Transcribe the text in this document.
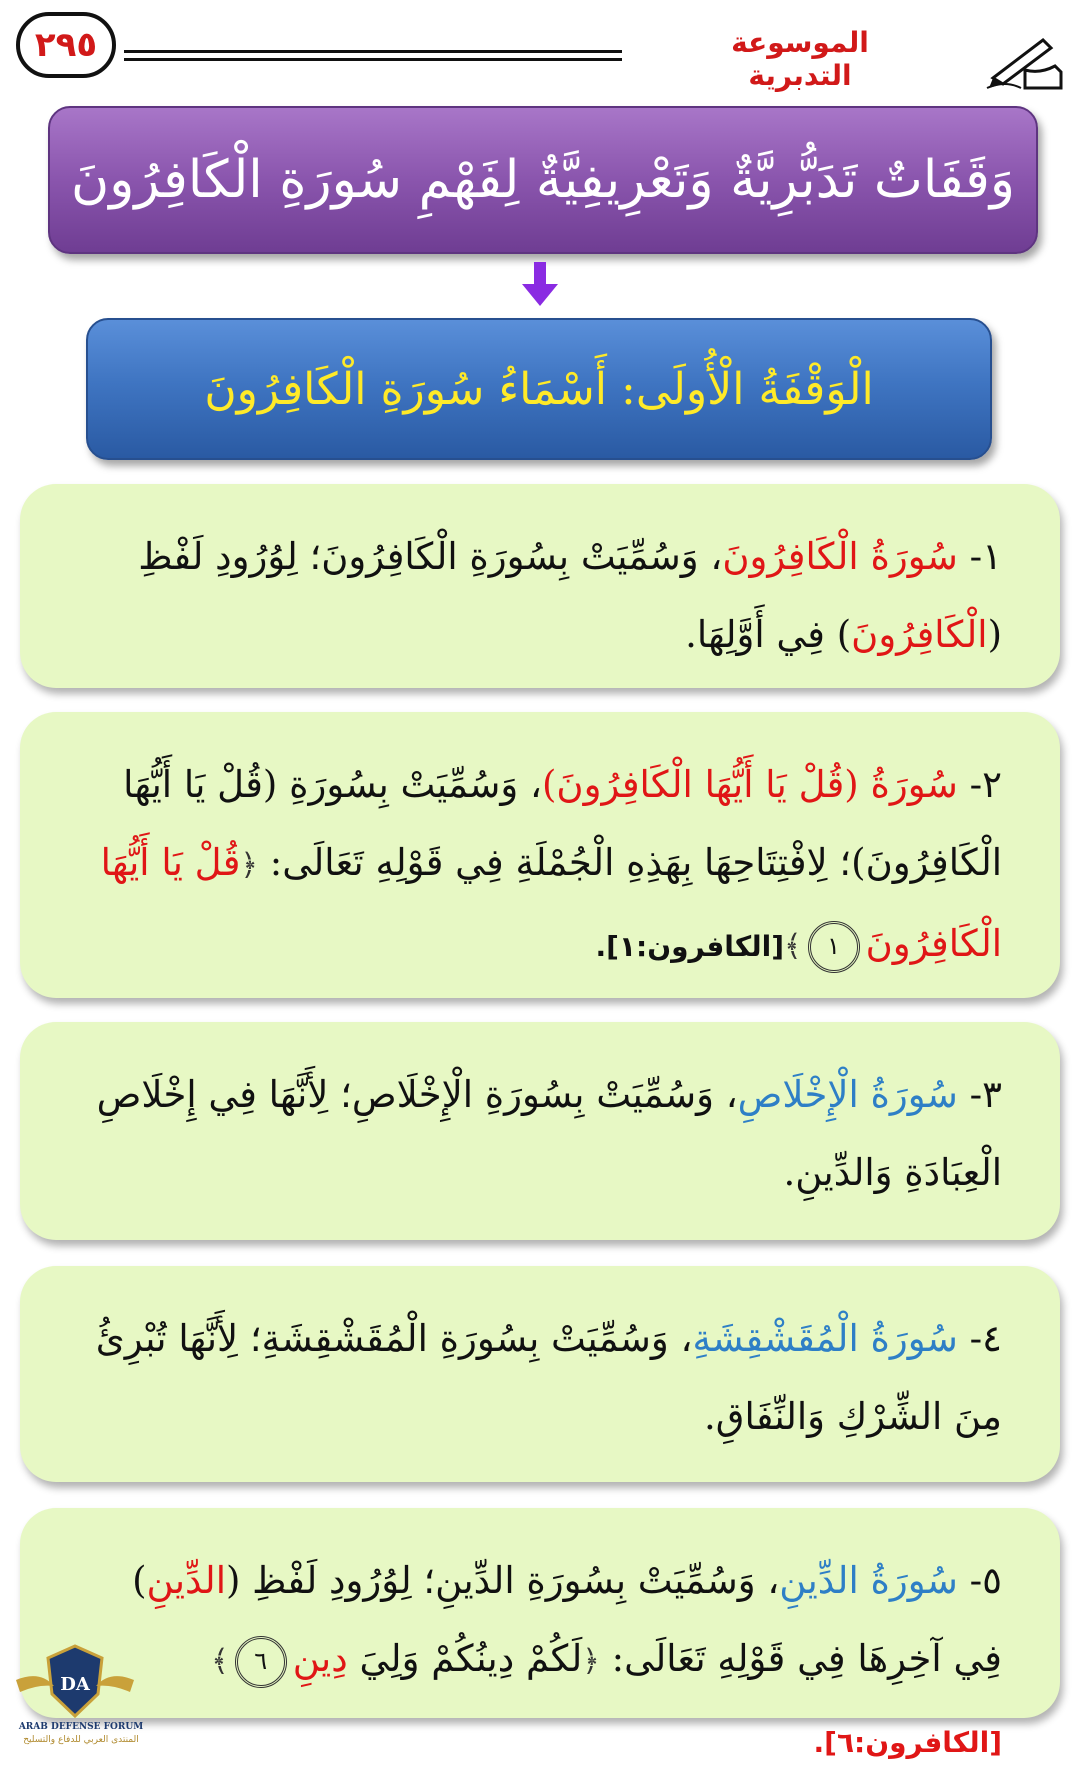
٢٩٥	الموسوعة التدبرية
وَقَفَاتٌ تَدَبُّرِيَّةٌ وَتَعْرِيفِيَّةٌ لِفَهْمِ سُورَةِ الْكَافِرُونَ
الْوَقْفَةُ الْأُولَى: أَسْمَاءُ سُورَةِ الْكَافِرُونَ
١- سُورَةُ الْكَافِرُونَ، وَسُمِّيَتْ بِسُورَةِ الْكَافِرُونَ؛ لِوُرُودِ لَفْظِ (الْكَافِرُونَ) فِي أَوَّلِهَا.
٢- سُورَةُ (قُلْ يَا أَيُّهَا الْكَافِرُونَ)، وَسُمِّيَتْ بِسُورَةِ (قُلْ يَا أَيُّهَا الْكَافِرُونَ)؛ لِافْتِتَاحِهَا بِهَذِهِ الْجُمْلَةِ فِي قَوْلِهِ تَعَالَى: ﴿قُلْ يَا أَيُّهَا الْكَافِرُونَ١﴾[الكافرون:١].
٣- سُورَةُ الْإِخْلَاصِ، وَسُمِّيَتْ بِسُورَةِ الْإِخْلَاصِ؛ لِأَنَّهَا فِي إِخْلَاصِ الْعِبَادَةِ وَالدِّينِ.
٤- سُورَةُ الْمُقَشْقِشَةِ، وَسُمِّيَتْ بِسُورَةِ الْمُقَشْقِشَةِ؛ لِأَنَّهَا تُبْرِئُ مِنَ الشِّرْكِ وَالنِّفَاقِ.
٥- سُورَةُ الدِّينِ، وَسُمِّيَتْ بِسُورَةِ الدِّينِ؛ لِوُرُودِ لَفْظِ (الدِّينِ) فِي آخِرِهَا فِي قَوْلِهِ تَعَالَى: ﴿لَكُمْ دِينُكُمْ وَلِيَ دِينِ٦﴾[الكافرون:٦].
DA
ARAB DEFENSE FORUM
المنتدى العربي للدفاع والتسليح
